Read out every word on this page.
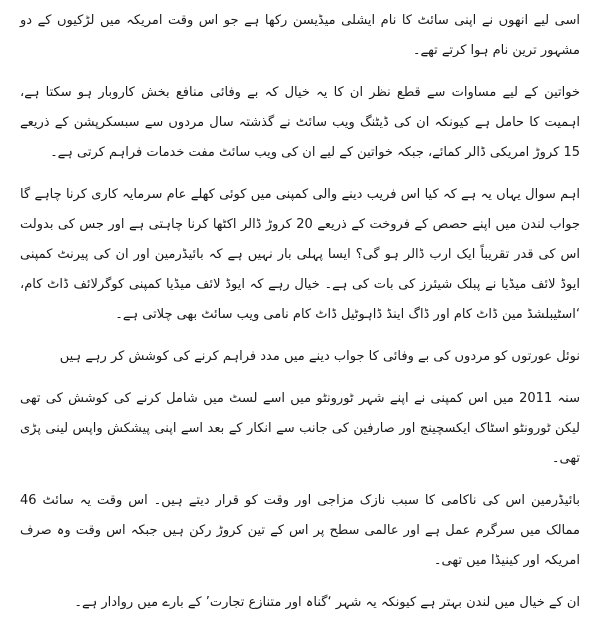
اسی لیے انھوں نے اپنی سائٹ کا نام ایشلی میڈیسن رکھا ہے جو اس وقت امریکہ میں لڑکیوں کے دو مشہور ترین نام ہوا کرتے تھے۔

خواتین کے لیے مساوات سے قطع نظر ان کا یہ خیال کہ بے وفائی منافع بخش کاروبار ہو سکتا ہے، اہمیت کا حامل ہے کیونکہ ان کی ڈیٹنگ ویب سائٹ نے گذشتہ سال مردوں سے سبسکرپشن کے ذریعے 15 کروڑ امریکی ڈالر کمائے، جبکہ خواتین کے لیے ان کی ویب سائٹ مفت خدمات فراہم کرتی ہے۔

اہم سوال یہاں یہ ہے کہ کیا اس فریب دینے والی کمپنی میں کوئی کھلے عام سرمایہ کاری کرنا چاہے گا جواب لندن میں اپنے حصص کے فروخت کے ذریعے 20 کروڑ ڈالر اکٹھا کرنا چاہتی ہے اور جس کی بدولت اس کی قدر تقریباً ایک ارب ڈالر ہو گی؟ ایسا پہلی بار نہیں ہے کہ بائیڈرمین اور ان کی پیرنٹ کمپنی ایوڈ لائف میڈیا نے پبلک شیئرز کی بات کی ہے۔ خیال رہے کہ ایوڈ لائف میڈیا کمپنی کوگرلائف ڈاٹ کام، ‘اسٹیبلشڈ مین ڈاٹ کام اور ڈاگ اینڈ ڈاہوٹیل ڈاٹ کام نامی ویب سائٹ بھی چلاتی ہے۔

نوئل عورتوں کو مردوں کی بے وفائی کا جواب دینے میں مدد فراہم کرنے کی کوشش کر رہے ہیں

سنہ 2011 میں اس کمپنی نے اپنے شہر ٹورونٹو میں اسے لسٹ میں شامل کرنے کی کوشش کی تھی لیکن ٹورونٹو اسٹاک ایکسچینج اور صارفین کی جانب سے انکار کے بعد اسے اپنی پیشکش واپس لینی پڑی تھی۔

بائیڈرمین اس کی ناکامی کا سبب نازک مزاجی اور وقت کو قرار دیتے ہیں۔ اس وقت یہ سائٹ 46 ممالک میں سرگرم عمل ہے اور عالمی سطح پر اس کے تین کروڑ رکن ہیں جبکہ اس وقت وہ صرف امریکہ اور کینیڈا میں تھی۔

ان کے خیال میں لندن بہتر ہے کیونکہ یہ شہر ‘گناہ اور متنازع تجارت’ کے بارے میں روادار ہے۔
